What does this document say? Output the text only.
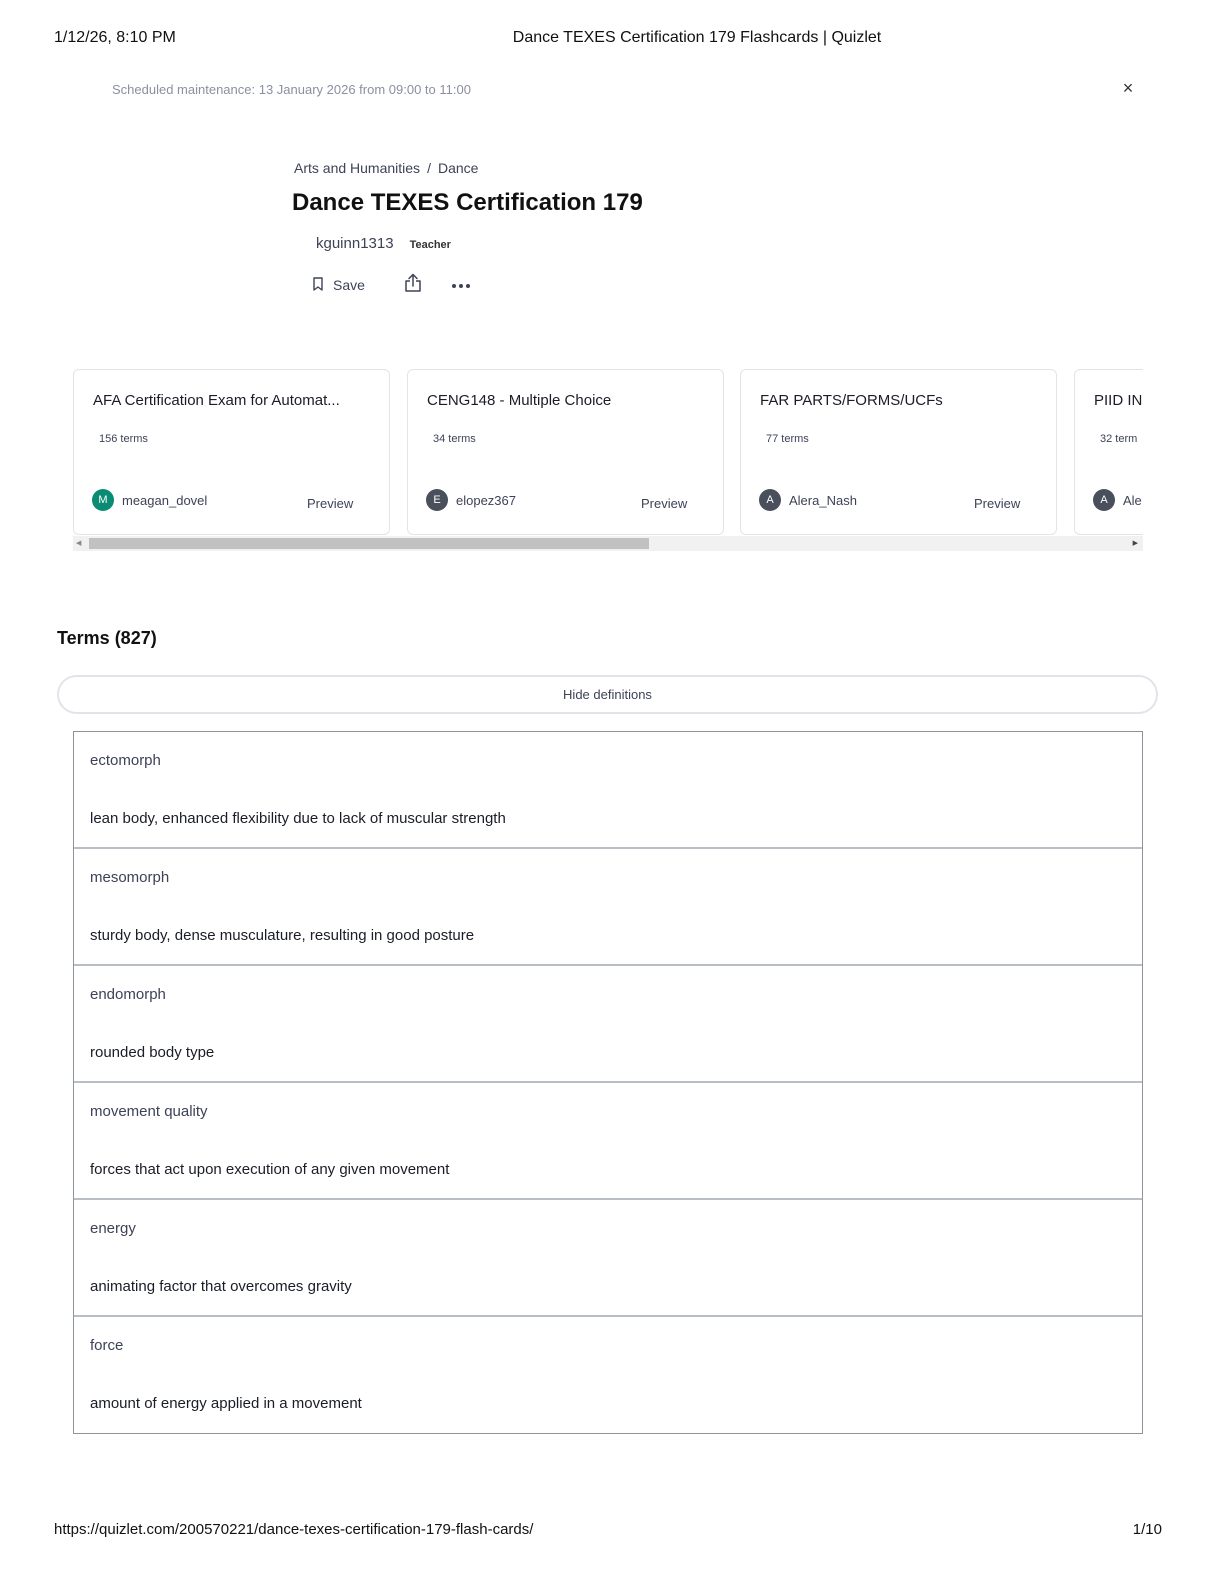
1/12/26, 8:10 PM	Dance TEXES Certification 179 Flashcards | Quizlet
Scheduled maintenance: 13 January 2026 from 09:00 to 11:00	×
Arts and Humanities / Dance
Dance TEXES Certification 179
kguinn1313 Teacher
Save
AFA Certification Exam for Automat...
156 terms
M	meagan_dovel	Preview
CENG148 - Multiple Choice
34 terms
E	elopez367	Preview
FAR PARTS/FORMS/UCFs
77 terms
A	Alera_Nash	Preview
PIID IN
32 term
A	Ale
◀	▶
Terms (827)
Hide definitions
ectomorph
lean body, enhanced flexibility due to lack of muscular strength
mesomorph
sturdy body, dense musculature, resulting in good posture
endomorph
rounded body type
movement quality
forces that act upon execution of any given movement
energy
animating factor that overcomes gravity
force
amount of energy applied in a movement
https://quizlet.com/200570221/dance-texes-certification-179-flash-cards/	1/10
